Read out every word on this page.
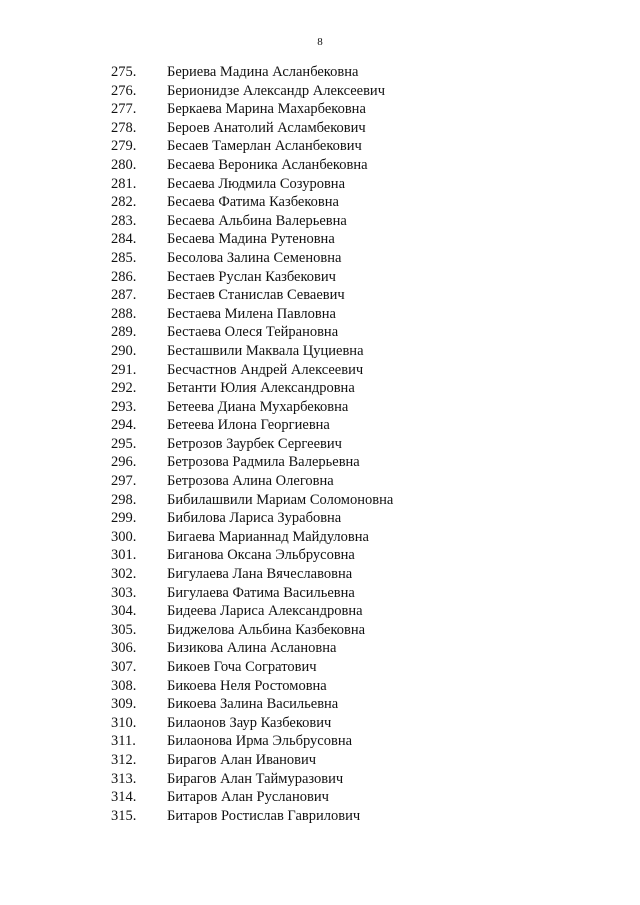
8
275.	Бериева Мадина Асланбековна
276.	Берионидзе Александр Алексеевич
277.	Беркаева Марина Махарбековна
278.	Бероев Анатолий Асламбекович
279.	Бесаев Тамерлан Асланбекович
280.	Бесаева Вероника Асланбековна
281.	Бесаева Людмила Созуровна
282.	Бесаева Фатима Казбековна
283.	Бесаева Альбина Валерьевна
284.	Бесаева Мадина Рутеновна
285.	Бесолова Залина Семеновна
286.	Бестаев Руслан Казбекович
287.	Бестаев Станислав Севаевич
288.	Бестаева Милена Павловна
289.	Бестаева Олеся Тейрановна
290.	Бесташвили Маквала Цуциевна
291.	Бесчастнов Андрей Алексеевич
292.	Бетанти Юлия Александровна
293.	Бетеева Диана Мухарбековна
294.	Бетеева Илона Георгиевна
295.	Бетрозов Заурбек Сергеевич
296.	Бетрозова Радмила Валерьевна
297.	Бетрозова Алина Олеговна
298.	Бибилашвили Мариам Соломоновна
299.	Бибилова Лариса Зурабовна
300.	Бигаева Марианнад Майдуловна
301.	Биганова Оксана Эльбрусовна
302.	Бигулаева Лана Вячеславовна
303.	Бигулаева Фатима Васильевна
304.	Бидеева Лариса Александровна
305.	Биджелова Альбина Казбековна
306.	Бизикова Алина Аслановна
307.	Бикоев Гоча Согратович
308.	Бикоева Неля Ростомовна
309.	Бикоева Залина Васильевна
310.	Билаонов Заур Казбекович
311.	Билаонова Ирма Эльбрусовна
312.	Бирагов Алан Иванович
313.	Бирагов Алан Таймуразович
314.	Битаров Алан Русланович
315.	Битаров Ростислав Гаврилович
